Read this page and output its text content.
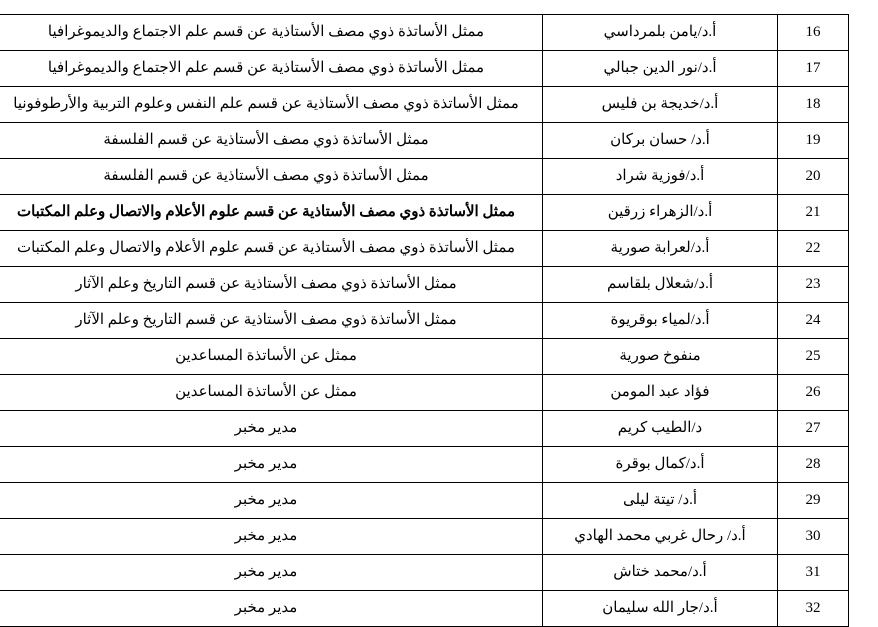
16	أ.د/يامن بلمرداسي	ممثل الأساتذة ذوي مصف الأستاذية عن قسم علم الاجتماع والديموغرافيا

17	أ.د/نور الدين جبالي	ممثل الأساتذة ذوي مصف الأستاذية عن قسم علم الاجتماع والديموغرافيا

18	أ.د/خديجة بن فليس	ممثل الأساتذة ذوي مصف الأستاذية عن قسم علم النفس وعلوم التربية والأرطوفونيا

19	أ.د/ حسان بركان	ممثل الأساتذة ذوي مصف الأستاذية عن قسم الفلسفة

20	أ.د/فوزية شراد	ممثل الأساتذة ذوي مصف الأستاذية عن قسم الفلسفة

21	أ.د/الزهراء زرقين	ممثل الأساتذة ذوي مصف الأستاذية عن قسم علوم الأعلام والاتصال وعلم المكتبات

22	أ.د/لعرابة صورية	ممثل الأساتذة ذوي مصف الأستاذية عن قسم علوم الأعلام والاتصال وعلم المكتبات

23	أ.د/شعلال بلقاسم	ممثل الأساتذة ذوي مصف الأستاذية عن قسم التاريخ وعلم الآثار

24	أ.د/لمياء بوقريوة	ممثل الأساتذة ذوي مصف الأستاذية عن قسم التاريخ وعلم الآثار

25	منفوخ صورية	ممثل عن الأساتذة المساعدين

26	فؤاد عبد المومن	ممثل عن الأساتذة المساعدين

27	د/الطيب كريم	مدير مخبر

28	أ.د/كمال بوقرة	مدير مخبر

29	أ.د/ تيتة ليلى	مدير مخبر

30	أ.د/ رحال غربي محمد الهادي	مدير مخبر

31	أ.د/محمد ختاش	مدير مخبر

32	أ.د/جار الله سليمان	مدير مخبر
